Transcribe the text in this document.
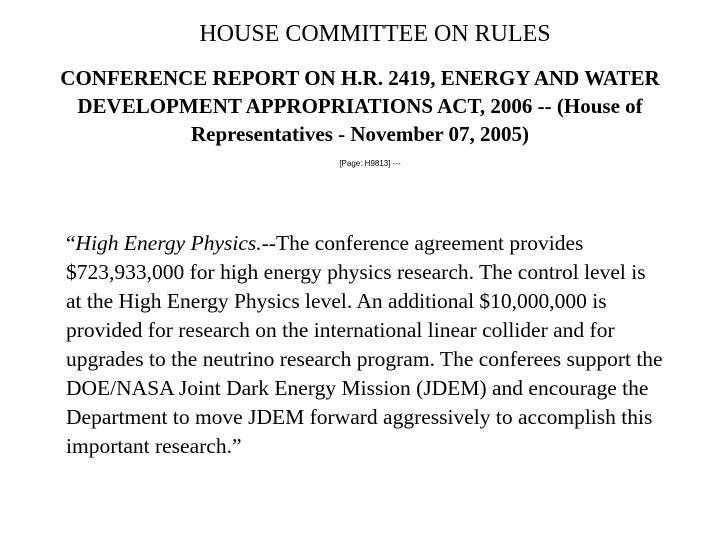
HOUSE COMMITTEE ON RULES
CONFERENCE REPORT ON H.R. 2419, ENERGY AND WATER DEVELOPMENT APPROPRIATIONS ACT, 2006 -- (House of Representatives - November 07, 2005)
[Page: H9813] ---

“High Energy Physics.--The conference agreement provides $723,933,000 for high energy physics research. The control level is at the High Energy Physics level. An additional $10,000,000 is provided for research on the international linear collider and for upgrades to the neutrino research program. The conferees support the DOE/NASA Joint Dark Energy Mission (JDEM) and encourage the Department to move JDEM forward aggressively to accomplish this important research.”
